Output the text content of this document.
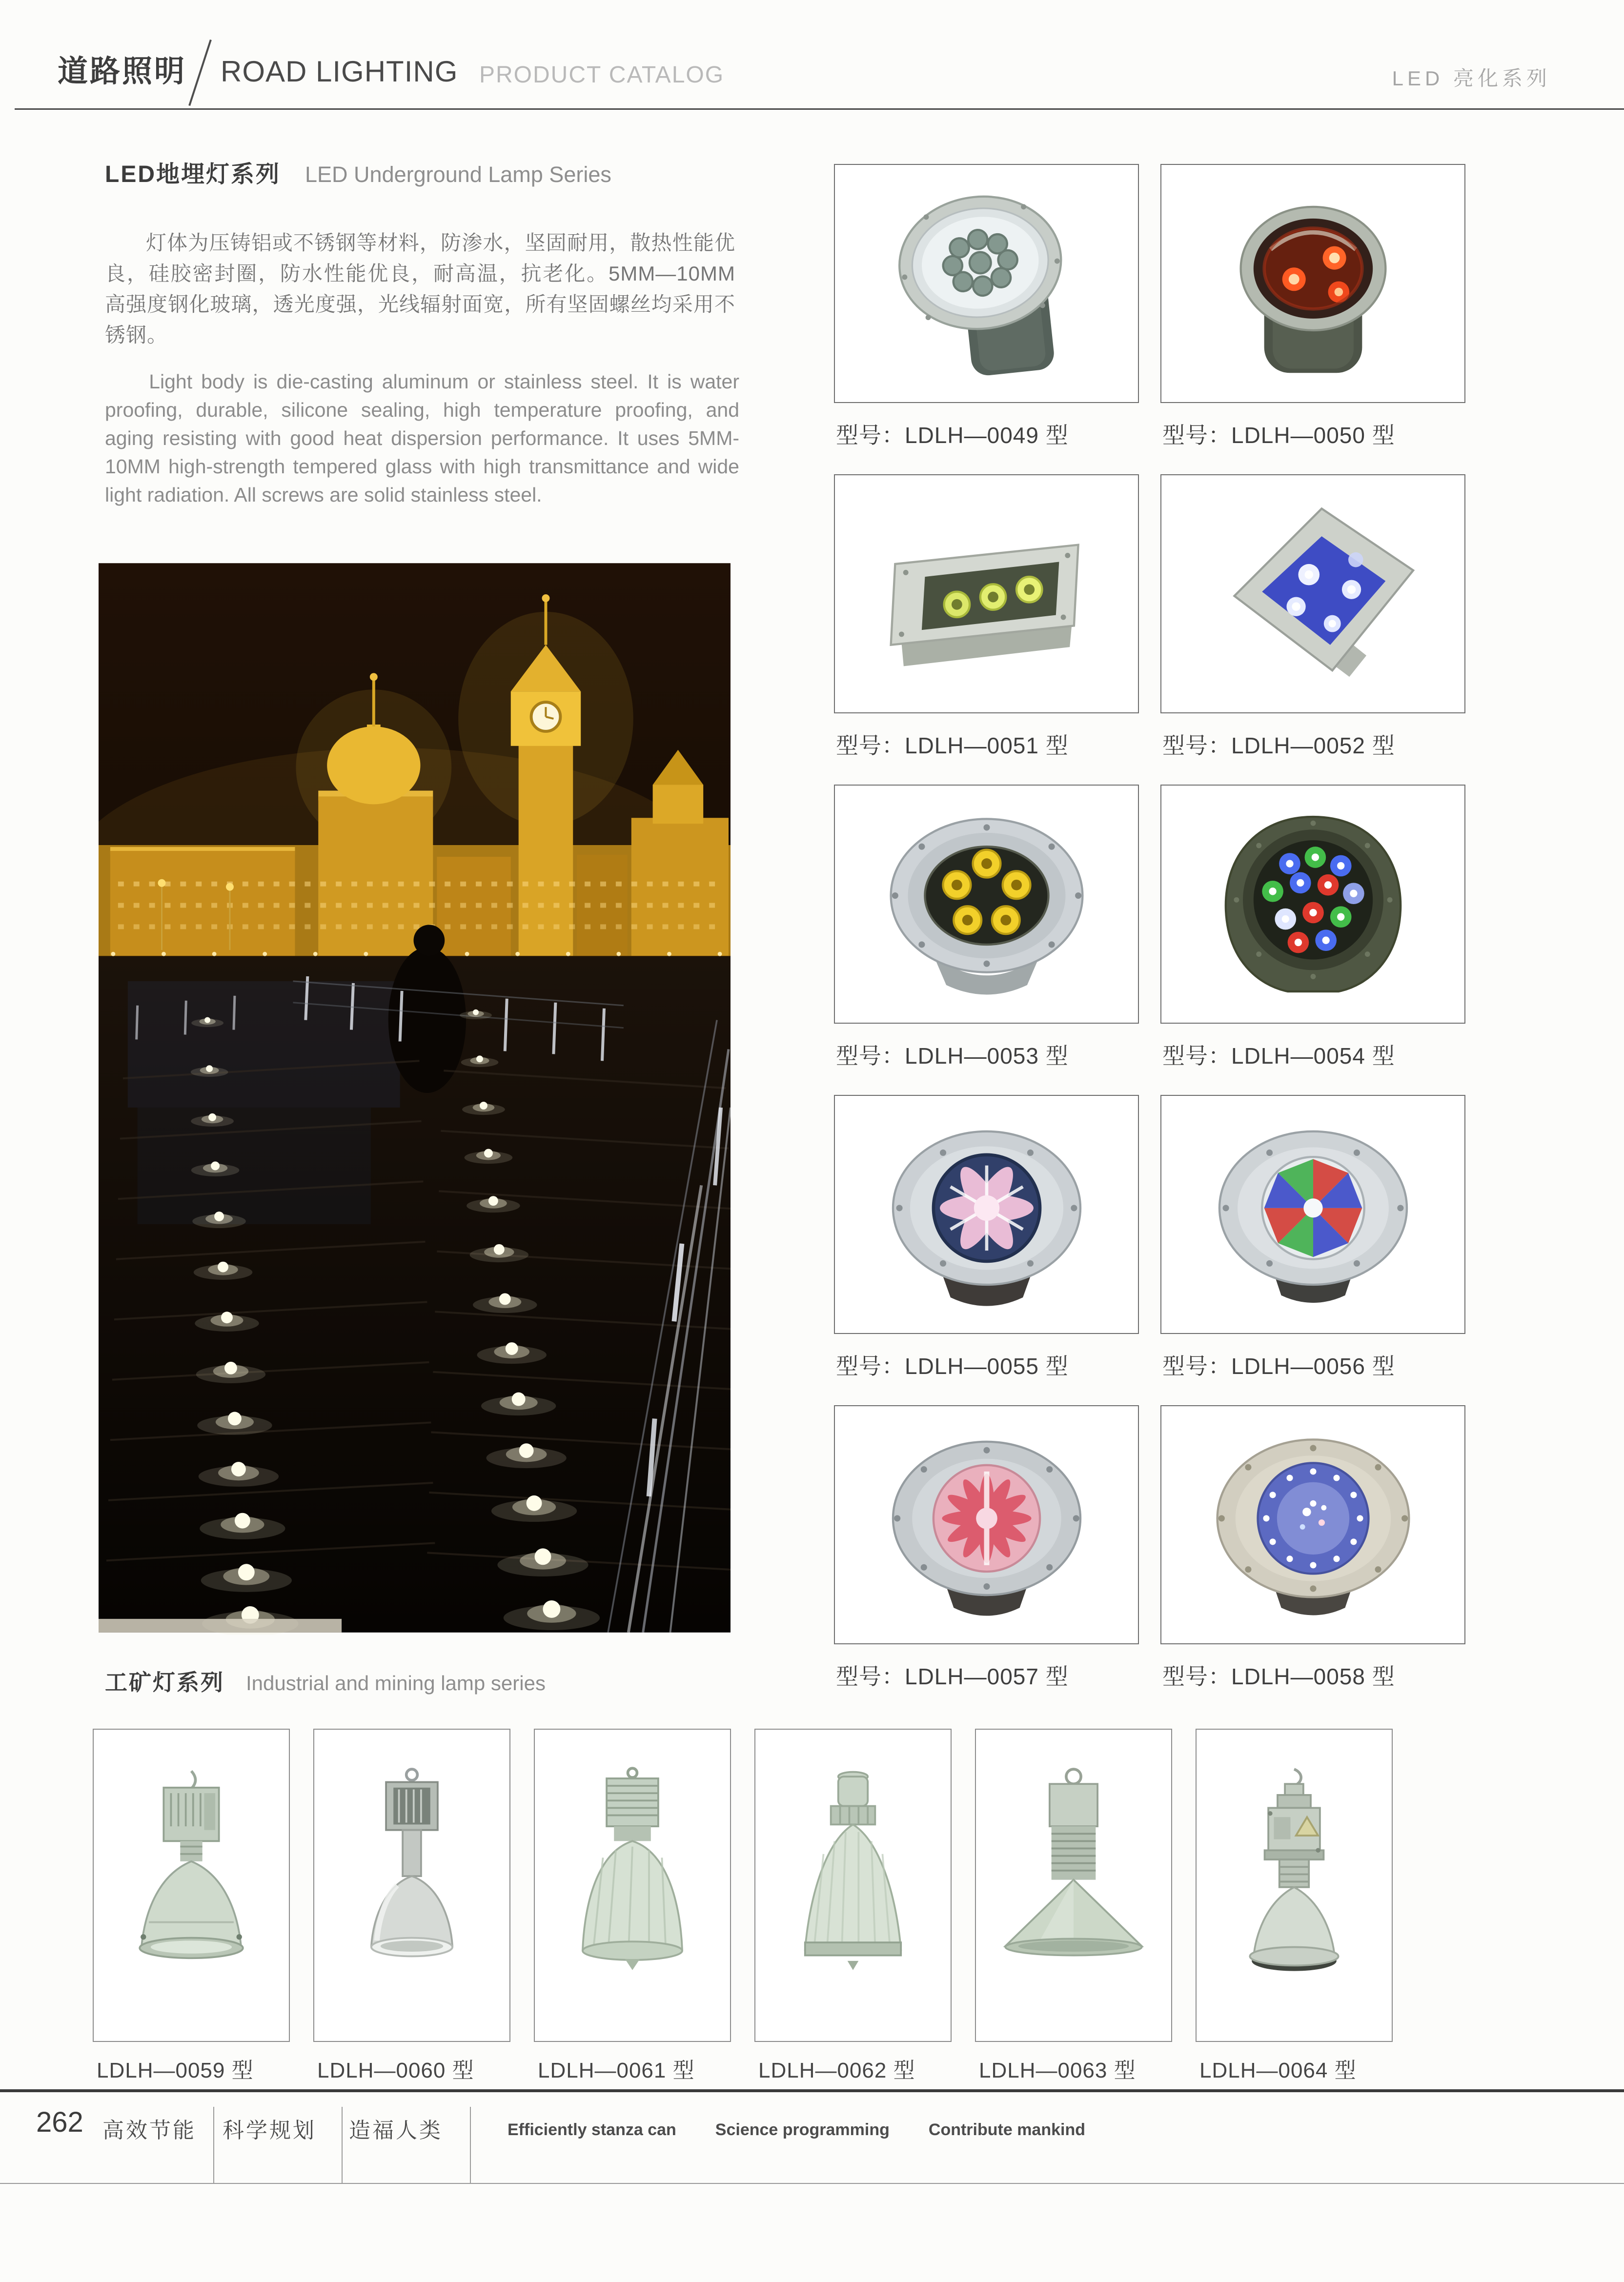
道路照明 ROAD LIGHTING PRODUCT CATALOG	LED 亮化系列
LED地埋灯系列 LED Underground Lamp Series

灯体为压铸铝或不锈钢等材料，防渗水，坚固耐用，散热性能优良，硅胶密封圈，防水性能优良，耐高温，抗老化。5MM—10MM高强度钢化玻璃，透光度强，光线辐射面宽，所有坚固螺丝均采用不锈钢。

Light body is die-casting aluminum or stainless steel. It is water proofing, durable, silicone sealing, high temperature proofing, and aging resisting with good heat dispersion performance. It uses 5MM-10MM high-strength tempered glass with high transmittance and wide light radiation. All screws are solid stainless steel.

型号：LDLH—0049 型	型号：LDLH—0050 型
型号：LDLH—0051 型	型号：LDLH—0052 型
型号：LDLH—0053 型	型号：LDLH—0054 型
型号：LDLH—0055 型	型号：LDLH—0056 型
型号：LDLH—0057 型	型号：LDLH—0058 型
工矿灯系列 Industrial and mining lamp series
LDLH—0059 型	LDLH—0060 型	LDLH—0061 型	LDLH—0062 型	LDLH—0063 型	LDLH—0064 型
262 高效节能 科学规划 造福人类	Efficiently stanza can Science programming Contribute mankind
